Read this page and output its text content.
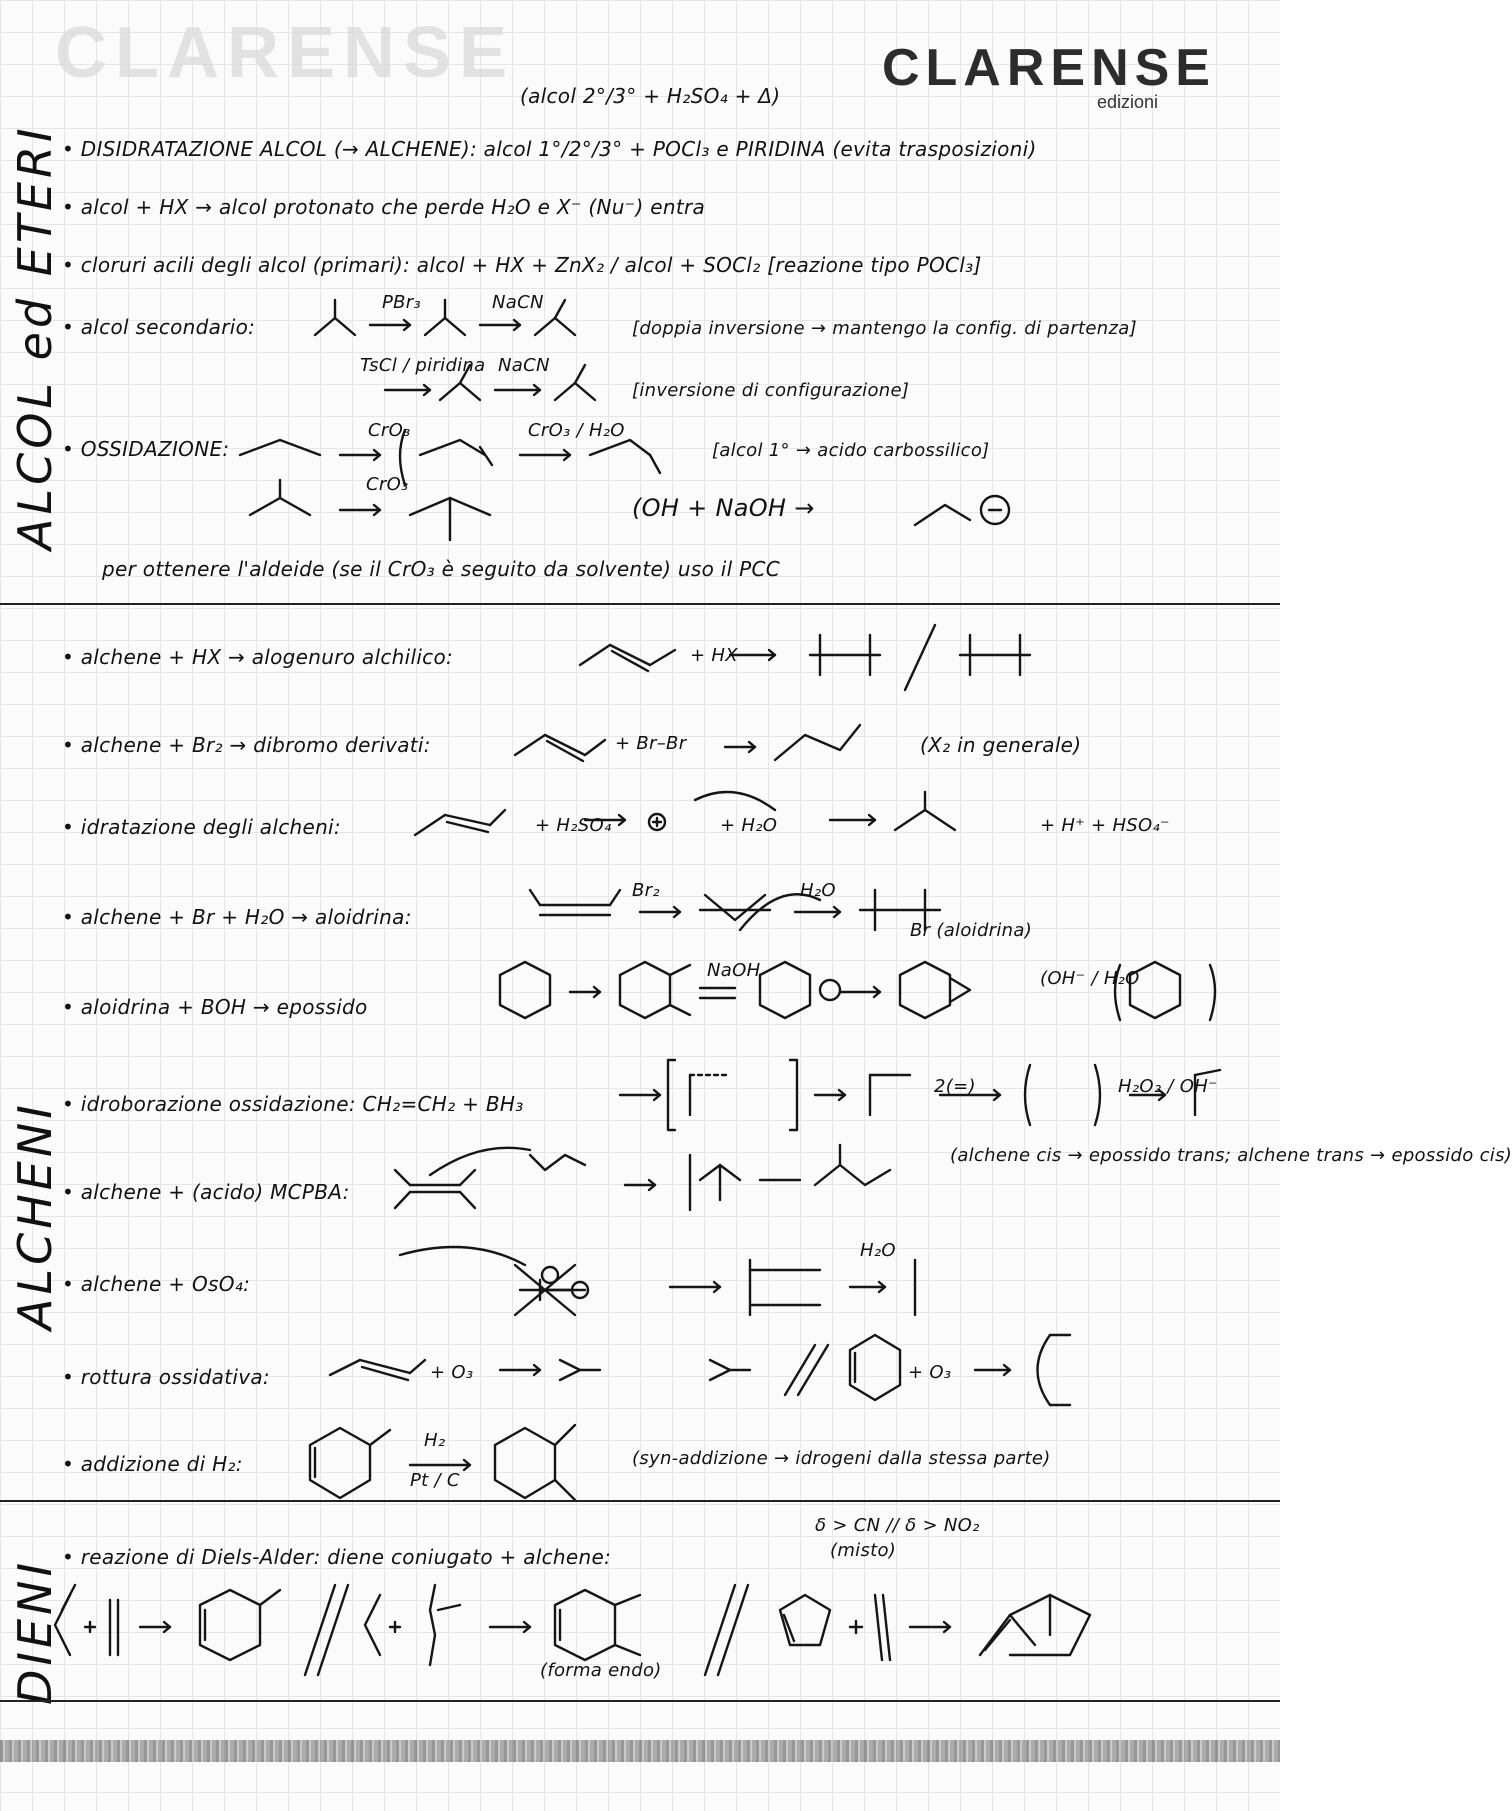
CLARENSE	CLARENSE
edizioni
(alcol 2°/3° + H₂SO₄ + Δ)
ALCOL ed ETERI
ALCHENI
DIENI
• DISIDRATAZIONE ALCOL (→ ALCHENE): alcol 1°/2°/3° + POCl₃ e PIRIDINA (evita trasposizioni)
• alcol + HX → alcol protonato che perde H₂O e X⁻ (Nu⁻) entra
• cloruri acili degli alcol (primari): alcol + HX + ZnX₂ / alcol + SOCl₂ [reazione tipo POCl₃]
• alcol secondario:
PBr₃	NaCN
[doppia inversione → mantengo la config. di partenza]
TsCl / piridina NaCN
[inversione di configurazione]
• OSSIDAZIONE:
CrO₃	CrO₃ / H₂O
[alcol 1° → acido carbossilico]
CrO₃
(OH + NaOH →
per ottenere l'aldeide (se il CrO₃ è seguito da solvente) uso il PCC
• alchene + HX → alogenuro alchilico:	+ HX
• alchene + Br₂ → dibromo derivati:	+ Br–Br	(X₂ in generale)
• idratazione degli alcheni:	+ H₂SO₄	+ H₂O	+ H⁺ + HSO₄⁻
• alchene + Br + H₂O → aloidrina:
Br₂	H₂O
Br (aloidrina)
• aloidrina + BOH → epossido
NaOH	(OH⁻ / H₂O
• idroborazione ossidazione: CH₂=CH₂ + BH₃
2(=)	H₂O₂ / OH⁻
• alchene + (acido) MCPBA:
(alchene cis → epossido trans; alchene trans → epossido cis)
• alchene + OsO₄:
H₂O
• rottura ossidativa:	+ O₃	+ O₃
• addizione di H₂:
H₂
Pt / C
(syn-addizione → idrogeni dalla stessa parte)
• reazione di Diels-Alder: diene coniugato + alchene:
δ > CN // δ > NO₂
(misto)
(forma endo)
